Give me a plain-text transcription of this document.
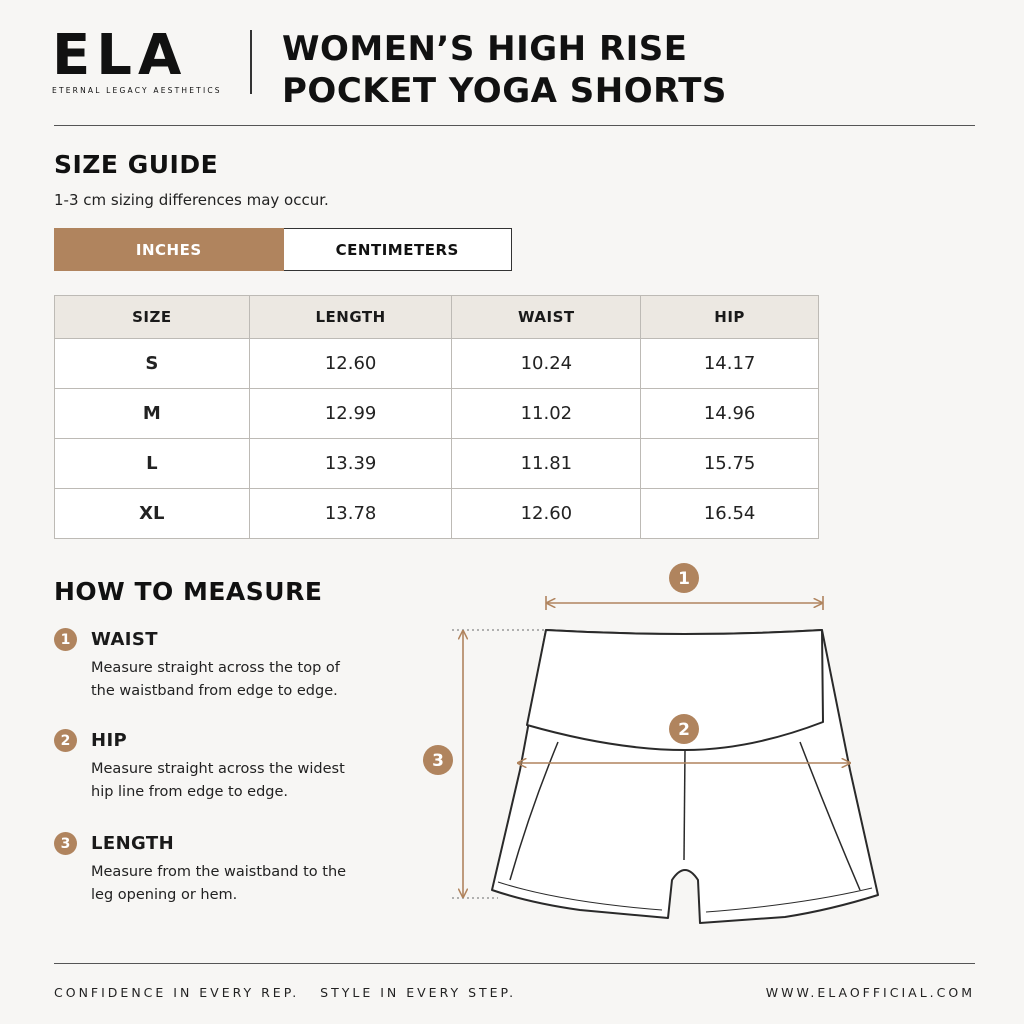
ELA
ETERNAL LEGACY AESTHETICS
WOMEN’S HIGH RISE
POCKET YOGA SHORTS
SIZE GUIDE
1-3 cm sizing differences may occur.
INCHES	CENTIMETERS
SIZE	LENGTH	WAIST	HIP
S	12.60	10.24	14.17
M	12.99	11.02	14.96
L	13.39	11.81	15.75
XL	13.78	12.60	16.54
HOW TO MEASURE
1	WAIST
Measure straight across the top of the waistband from edge to edge.
2	HIP
Measure straight across the widest hip line from edge to edge.
3	LENGTH
Measure from the waistband to the leg opening or hem.
1
2
3
CONFIDENCE IN EVERY REP.   STYLE IN EVERY STEP.	WWW.ELAOFFICIAL.COM
